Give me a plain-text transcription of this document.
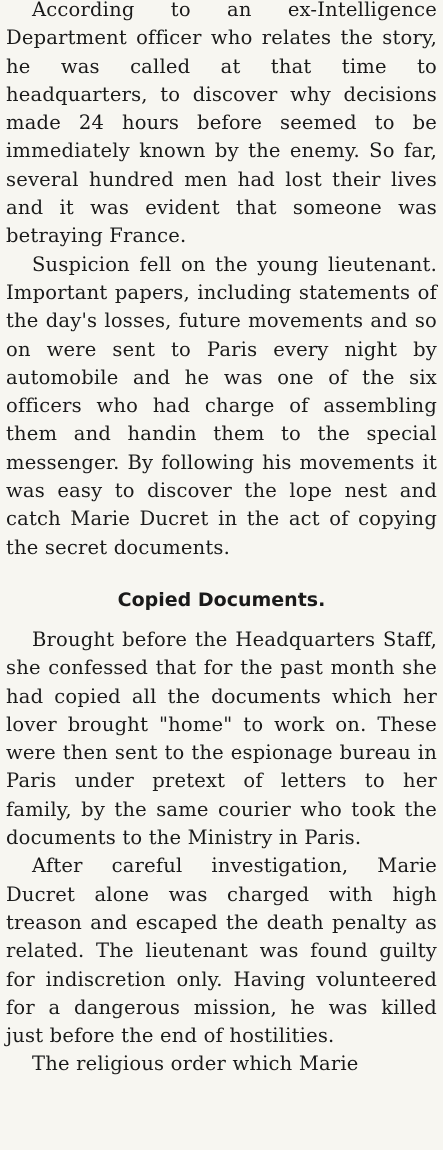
According to an ex-Intelligence Department officer who relates the story, he was called at that time to headquarters, to discover why decisions made 24 hours before seemed to be immediately known by the enemy. So far, several hundred men had lost their lives and it was evident that someone was betraying France.

Suspicion fell on the young lieutenant. Important papers, including statements of the day's losses, future movements and so on were sent to Paris every night by automobile and he was one of the six officers who had charge of assembling them and handin them to the special messenger. By following his movements it was easy to discover the lope nest and catch Marie Ducret in the act of copying the secret documents.

Copied Documents.

Brought before the Headquarters Staff, she confessed that for the past month she had copied all the documents which her lover brought "home" to work on. These were then sent to the espionage bureau in Paris under pretext of letters to her family, by the same courier who took the documents to the Ministry in Paris.

After careful investigation, Marie Ducret alone was charged with high treason and escaped the death penalty as related. The lieutenant was found guilty for indiscretion only. Having volunteered for a dangerous mission, he was killed just before the end of hostilities.

The religious order which Marie
